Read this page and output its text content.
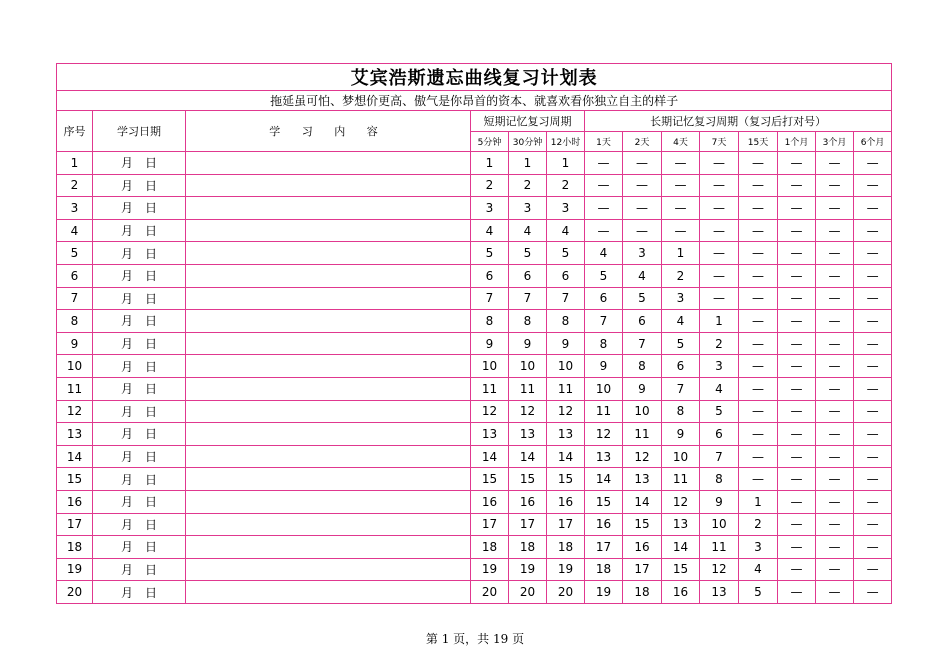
艾宾浩斯遗忘曲线复习计划表													
拖延虽可怕、梦想价更高、傲气是你昂首的资本、就喜欢看你独立自主的样子													
序号	学习日期	学 习 内 容	短期记忆复习周期			长期记忆复习周期（复习后打对号）							
			5分钟	30分钟	12小时	1天	2天	4天	7天	15天	1个月	3个月	6个月
1	月 日		1	1	1	—	—	—	—	—	—	—	—
2	月 日		2	2	2	—	—	—	—	—	—	—	—
3	月 日		3	3	3	—	—	—	—	—	—	—	—
4	月 日		4	4	4	—	—	—	—	—	—	—	—
5	月 日		5	5	5	4	3	1	—	—	—	—	—
6	月 日		6	6	6	5	4	2	—	—	—	—	—
7	月 日		7	7	7	6	5	3	—	—	—	—	—
8	月 日		8	8	8	7	6	4	1	—	—	—	—
9	月 日		9	9	9	8	7	5	2	—	—	—	—
10	月 日		10	10	10	9	8	6	3	—	—	—	—
11	月 日		11	11	11	10	9	7	4	—	—	—	—
12	月 日		12	12	12	11	10	8	5	—	—	—	—
13	月 日		13	13	13	12	11	9	6	—	—	—	—
14	月 日		14	14	14	13	12	10	7	—	—	—	—
15	月 日		15	15	15	14	13	11	8	—	—	—	—
16	月 日		16	16	16	15	14	12	9	1	—	—	—
17	月 日		17	17	17	16	15	13	10	2	—	—	—
18	月 日		18	18	18	17	16	14	11	3	—	—	—
19	月 日		19	19	19	18	17	15	12	4	—	—	—
20	月 日		20	20	20	19	18	16	13	5	—	—	—
第 1 页，共 19 页
